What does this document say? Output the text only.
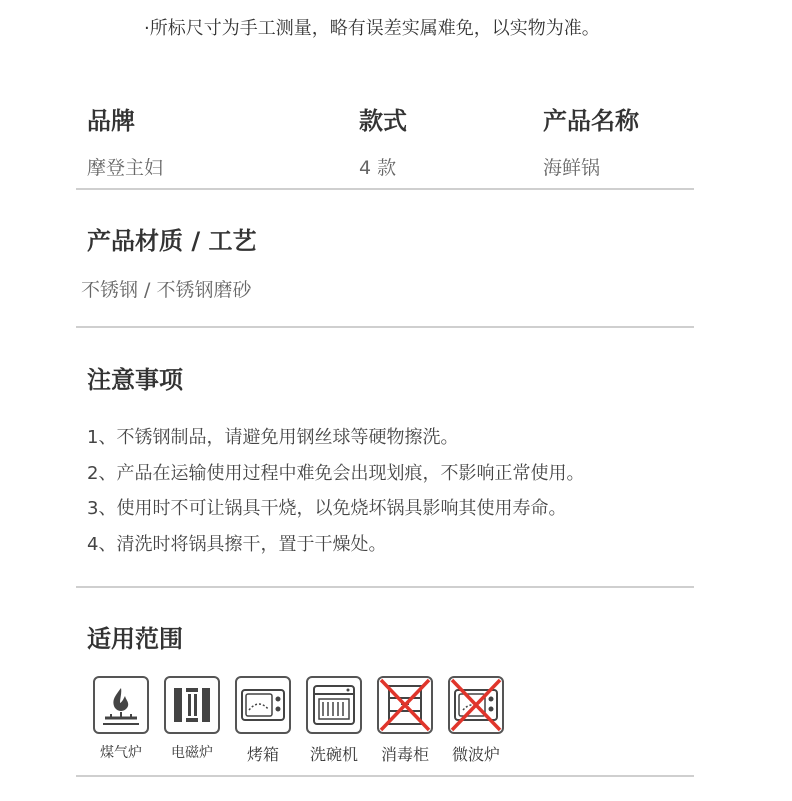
·所标尺寸为手工测量，略有误差实属难免，以实物为准。
品牌	款式	产品名称
摩登主妇	4 款	海鲜锅
产品材质 / 工艺
不锈钢 / 不锈钢磨砂
注意事项
1、不锈钢制品，请避免用钢丝球等硬物擦洗。
2、产品在运输使用过程中难免会出现划痕，不影响正常使用。
3、使用时不可让锅具干烧，以免烧坏锅具影响其使用寿命。
4、清洗时将锅具擦干，置于干燥处。
适用范围
煤气炉	电磁炉	烤箱	洗碗机	消毒柜	微波炉
